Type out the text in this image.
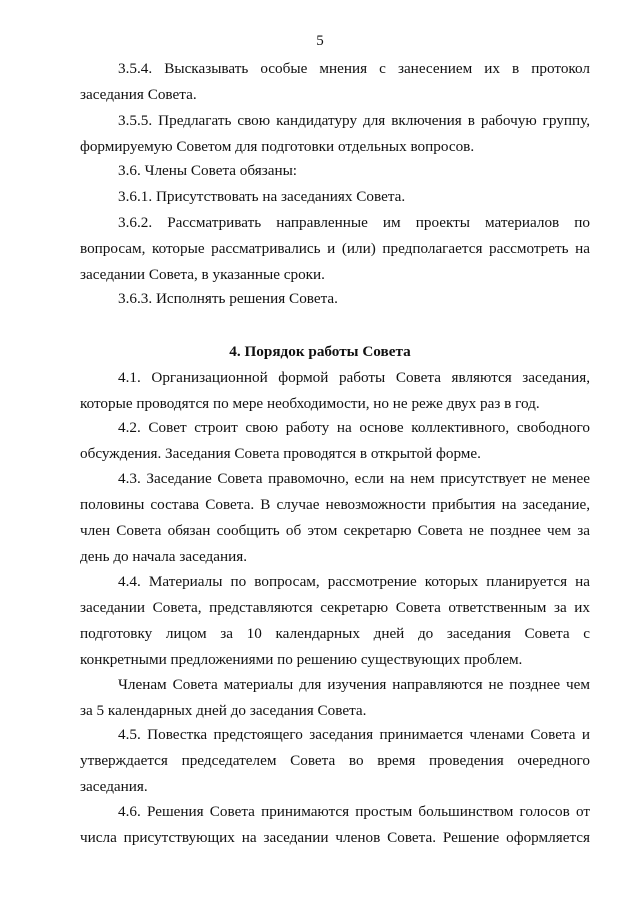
5
3.5.4. Высказывать особые мнения с занесением их в протокол
заседания Совета.
3.5.5. Предлагать свою кандидатуру для включения в рабочую группу,
формируемую Советом для подготовки отдельных вопросов.
3.6. Члены Совета обязаны:
3.6.1. Присутствовать на заседаниях Совета.
3.6.2. Рассматривать направленные им проекты материалов по
вопросам, которые рассматривались и (или) предполагается рассмотреть на
заседании Совета, в указанные сроки.
3.6.3. Исполнять решения Совета.
4. Порядок работы Совета
4.1. Организационной формой работы Совета являются заседания,
которые проводятся по мере необходимости, но не реже двух раз в год.
4.2. Совет строит свою работу на основе коллективного, свободного
обсуждения. Заседания Совета проводятся в открытой форме.
4.3. Заседание Совета правомочно, если на нем присутствует не менее
половины состава Совета. В случае невозможности прибытия на заседание,
член Совета обязан сообщить об этом секретарю Совета не позднее чем за
день до начала заседания.
4.4. Материалы по вопросам, рассмотрение которых планируется на
заседании Совета, представляются секретарю Совета ответственным за их
подготовку лицом за 10 календарных дней до заседания Совета с
конкретными предложениями по решению существующих проблем.
Членам Совета материалы для изучения направляются не позднее чем
за 5 календарных дней до заседания Совета.
4.5. Повестка предстоящего заседания принимается членами Совета и
утверждается председателем Совета во время проведения очередного
заседания.
4.6. Решения Совета принимаются простым большинством голосов от
числа присутствующих на заседании членов Совета. Решение оформляется
